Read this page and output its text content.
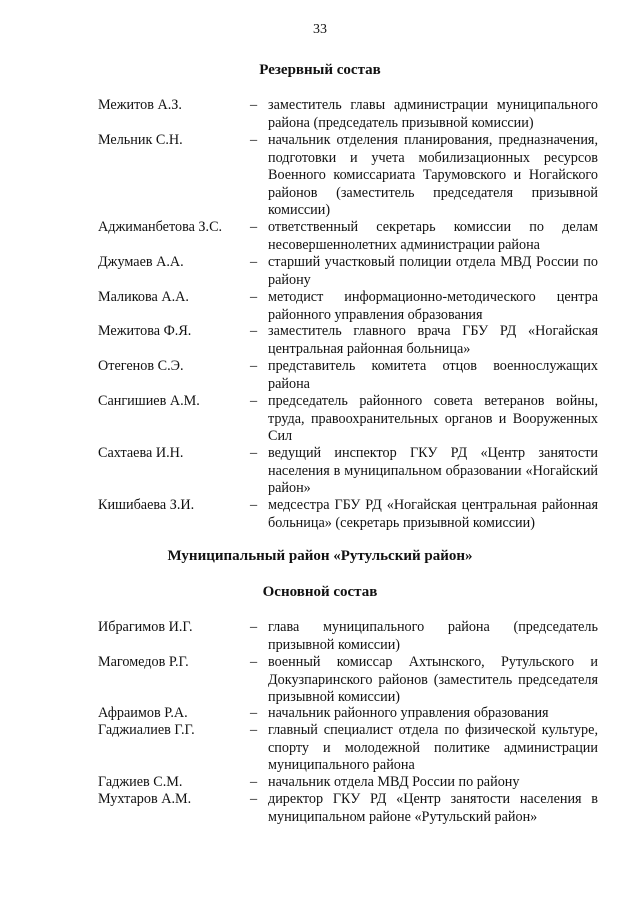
33
Резервный состав
Межитов А.З.	– заместитель главы администрации муниципального района (председатель призывной комиссии)
Мельник С.Н.	– начальник отделения планирования, предназначения, подготовки и учета мобилизационных ресурсов Военного комиссариата Тарумовского и Ногайского районов (заместитель председателя призывной комиссии)
Аджиманбетова З.С. – ответственный секретарь комиссии по делам несовершеннолетних администрации района
Джумаев А.А.	– старший участковый полиции отдела МВД России по району
Маликова А.А.	– методист информационно-методического центра районного управления образования
Межитова Ф.Я.	– заместитель главного врача ГБУ РД «Ногайская центральная районная больница»
Отегенов С.Э.	– представитель комитета отцов военнослужащих района
Сангишиев А.М.	– председатель районного совета ветеранов войны, труда, правоохранительных органов и Вооруженных Сил
Сахтаева И.Н.	– ведущий инспектор ГКУ РД «Центр занятости населения в муниципальном образовании «Ногайский район»
Кишибаева З.И.	– медсестра ГБУ РД «Ногайская центральная районная больница» (секретарь призывной комиссии)
Муниципальный район «Рутульский район»
Основной состав
Ибрагимов И.Г.	– глава муниципального района (председатель призывной комиссии)
Магомедов Р.Г.	– военный комиссар Ахтынского, Рутульского и Докузпаринского районов (заместитель председателя призывной комиссии)
Афраимов Р.А.	– начальник районного управления образования
Гаджиалиев Г.Г.	– главный специалист отдела по физической культуре, спорту и молодежной политике администрации муниципального района
Гаджиев С.М.	– начальник отдела МВД России по району
Мухтаров А.М.	– директор ГКУ РД «Центр занятости населения в муниципальном районе «Рутульский район»
